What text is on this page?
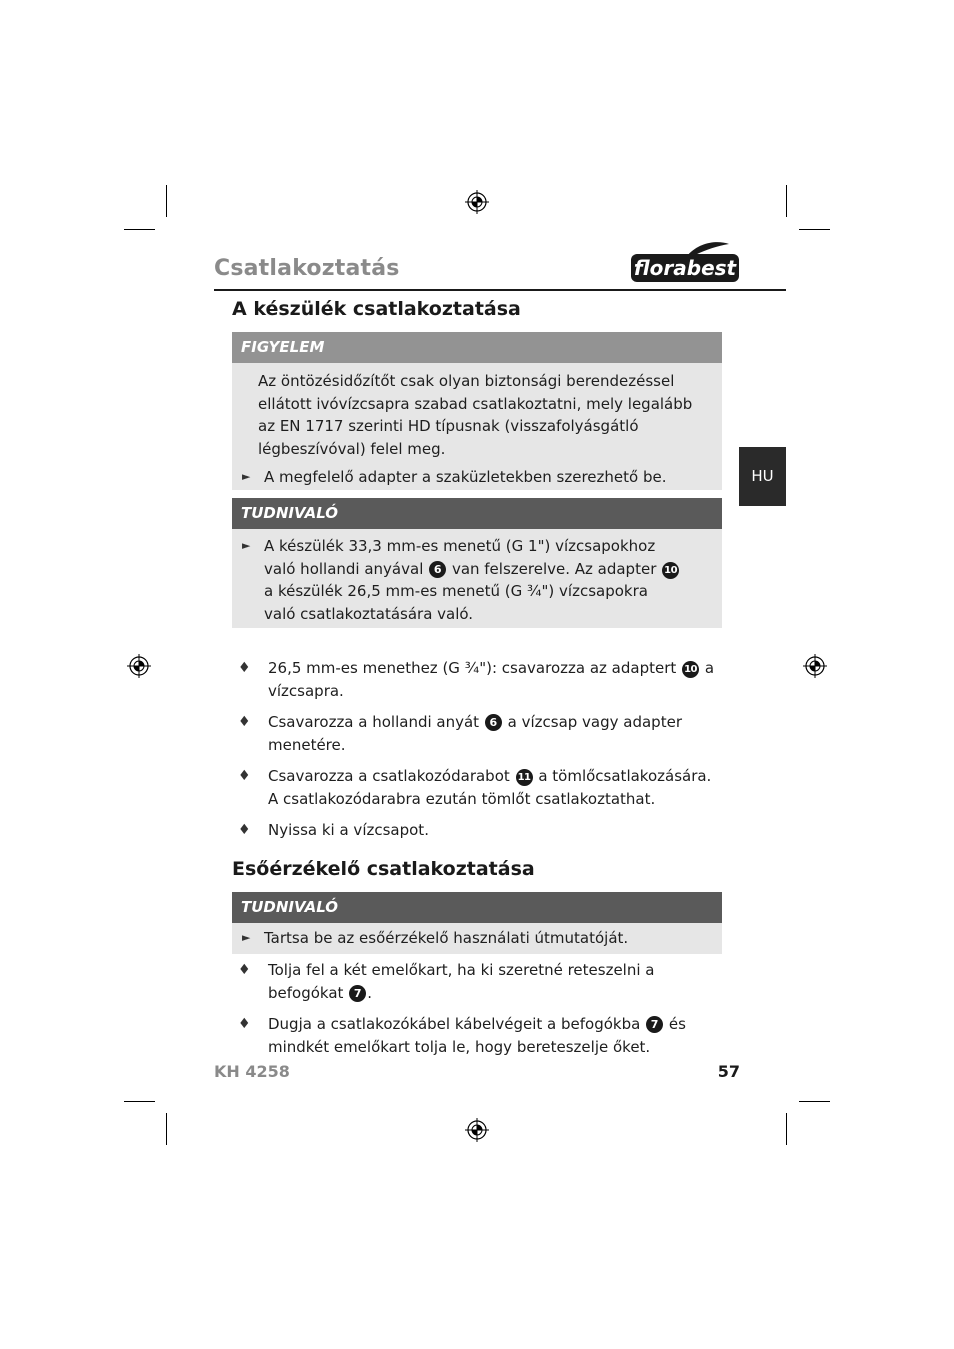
Csatlakoztatás	florabest
HU
A készülék csatlakoztatása
FIGYELEM
Az öntözésidőzítőt csak olyan biztonsági berendezéssel ellátott ivóvízcsapra szabad csatlakoztatni, mely legalább az EN 1717 szerinti HD típusnak (visszafolyásgátló légbeszívóval) felel meg.
► A megfelelő adapter a szaküzletekben szerezhető be.
TUDNIVALÓ
► A készülék 33,3 mm-es menetű (G 1") vízcsapokhoz való hollandi anyával 6 van felszerelve. Az adapter 10 a készülék 26,5 mm-es menetű (G ¾") vízcsapokra való csatlakoztatására való.
♦ 26,5 mm-es menethez (G ¾"): csavarozza az adaptert 10 a vízcsapra.
♦ Csavarozza a hollandi anyát 6 a vízcsap vagy adapter menetére.
♦ Csavarozza a csatlakozódarabot 11 a tömlőcsatlakozására. A csatlakozódarabra ezután tömlőt csatlakoztathat.
♦ Nyissa ki a vízcsapot.
Esőérzékelő csatlakoztatása
TUDNIVALÓ
► Tartsa be az esőérzékelő használati útmutatóját.
♦ Tolja fel a két emelőkart, ha ki szeretné reteszelni a befogókat 7 .
♦ Dugja a csatlakozókábel kábelvégeit a befogókba 7 és mindkét emelőkart tolja le, hogy bereteszelje őket.
KH 4258	57
